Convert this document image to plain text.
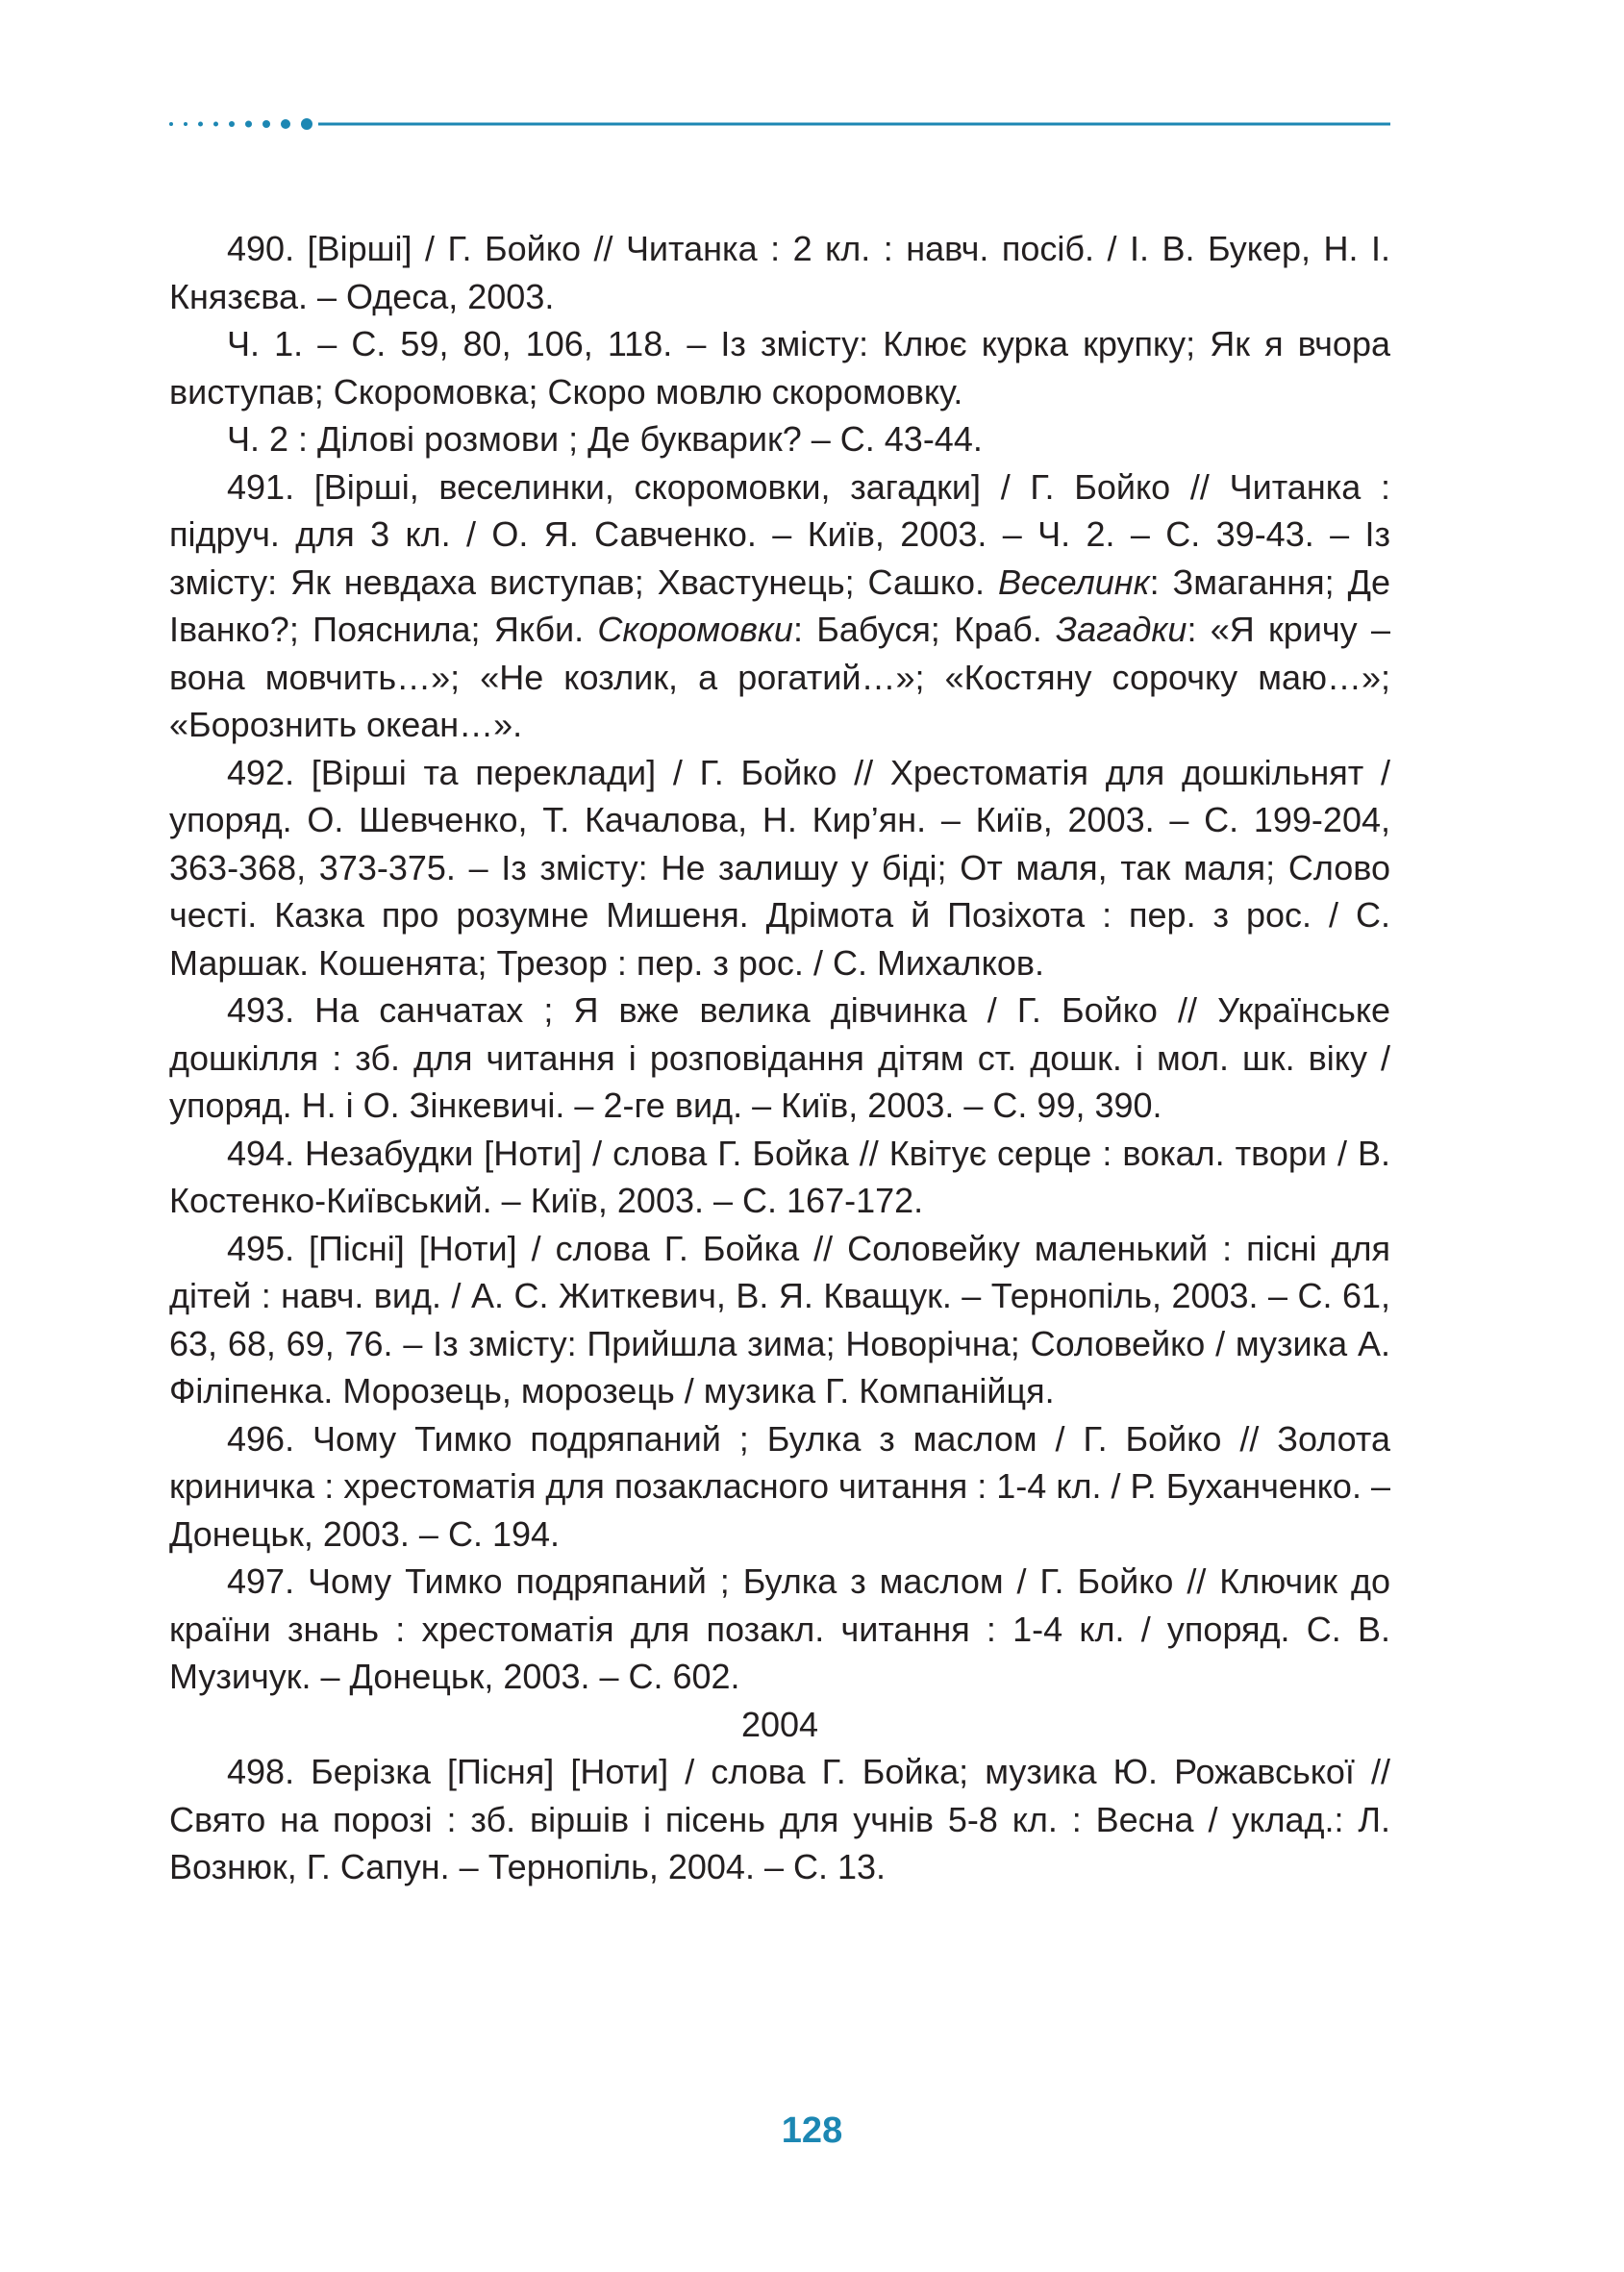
490. [Вірші] / Г. Бойко // Читанка : 2 кл. : навч. посіб. / І. В. Букер, Н. І. Князєва. – Одеса, 2003.

Ч. 1. – С. 59, 80, 106, 118. – Із змісту: Клює курка крупку; Як я вчора виступав; Скоромовка; Скоро мовлю скоромовку.

Ч. 2 : Ділові розмови ; Де букварик? – С. 43-44.

491. [Вірші, веселинки, скоромовки, загадки] / Г. Бойко // Читанка : підруч. для 3 кл. / О. Я. Савченко. – Київ, 2003. – Ч. 2. – С. 39-43. – Із змісту: Як невдаха виступав; Хвастунець; Сашко. Веселинк: Змагання; Де Іванко?; Пояснила; Якби. Скоромовки: Бабуся; Краб. Загадки: «Я кричу – вона мовчить…»; «Не козлик, а рогатий…»; «Костяну сорочку маю…»; «Борознить океан…».

492. [Вірші та переклади] / Г. Бойко // Хрестоматія для дошкільнят / упоряд. О. Шевченко, Т. Качалова, Н. Кир’ян. – Київ, 2003. – С. 199-204, 363-368, 373-375. – Із змісту: Не залишу у біді; От маля, так маля; Слово честі. Казка про розумне Мишеня. Дрімота й Позіхота : пер. з рос. / С. Маршак. Кошенята; Трезор : пер. з рос. / С. Михалков.

493. На санчатах ; Я вже велика дівчинка / Г. Бойко // Українське дошкілля : зб. для читання і розповідання дітям ст. дошк. і мол. шк. віку / упоряд. Н. і О. Зінкевичі. – 2-ге вид. – Київ, 2003. – С. 99, 390.

494. Незабудки [Ноти] / слова Г. Бойка // Квітує серце : вокал. твори / В. Костенко-Київський. – Київ, 2003. – С. 167-172.

495. [Пісні] [Ноти] / слова Г. Бойка // Соловейку маленький : пісні для дітей : навч. вид. / А. С. Житкевич, В. Я. Кващук. – Тернопіль, 2003. – С. 61, 63, 68, 69, 76. – Із змісту: Прийшла зима; Новорічна; Соловейко / музика А. Філіпенка. Морозець, морозець / музика Г. Компанійця.

496. Чому Тимко подряпаний ; Булка з маслом / Г. Бойко // Золота криничка : хрестоматія для позакласного читання : 1-4 кл. / Р. Буханченко. – Донецьк, 2003. – С. 194.

497. Чому Тимко подряпаний ; Булка з маслом / Г. Бойко // Ключик до країни знань : хрестоматія для позакл. читання : 1-4 кл. / упоряд. С. В. Музичук. – Донецьк, 2003. – С. 602.

2004

498. Берізка [Пісня] [Ноти] / слова Г. Бойка; музика Ю. Рожавської // Свято на порозі : зб. віршів і пісень для учнів 5-8 кл. : Весна / уклад.: Л. Вознюк, Г. Сапун. – Тернопіль, 2004. – С. 13.

128
